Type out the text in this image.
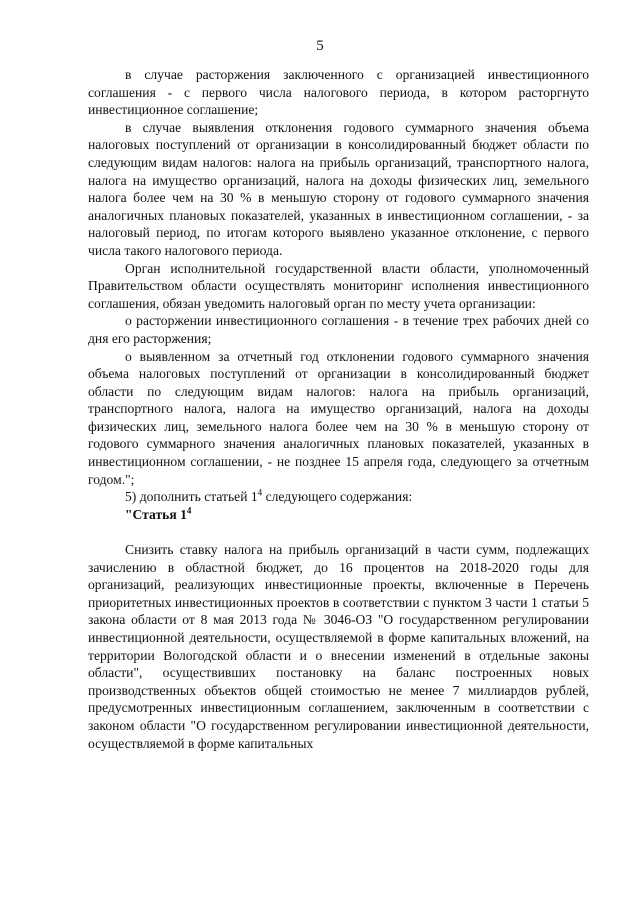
5

в случае расторжения заключенного с организацией инвестиционного соглашения - с первого числа налогового периода, в котором расторгнуто инвестиционное соглашение;

в случае выявления отклонения годового суммарного значения объема налоговых поступлений от организации в консолидированный бюджет области по следующим видам налогов: налога на прибыль организаций, транспортного налога, налога на имущество организаций, налога на доходы физических лиц, земельного налога более чем на 30 % в меньшую сторону от годового суммарного значения аналогичных плановых показателей, указанных в инвестиционном соглашении, - за налоговый период, по итогам которого выявлено указанное отклонение, с первого числа такого налогового периода.

Орган исполнительной государственной власти области, уполномоченный Правительством области осуществлять мониторинг исполнения инвестиционного соглашения, обязан уведомить налоговый орган по месту учета организации:

о расторжении инвестиционного соглашения - в течение трех рабочих дней со дня его расторжения;

о выявленном за отчетный год отклонении годового суммарного значения объема налоговых поступлений от организации в консолидированный бюджет области по следующим видам налогов: налога на прибыль организаций, транспортного налога, налога на имущество организаций, налога на доходы физических лиц, земельного налога более чем на 30 % в меньшую сторону от годового суммарного значения аналогичных плановых показателей, указанных в инвестиционном соглашении, - не позднее 15 апреля года, следующего за отчетным годом.";

5) дополнить статьей $1^4$ следующего содержания:

"Статья $1^4$

Снизить ставку налога на прибыль организаций в части сумм, подлежащих зачислению в областной бюджет, до 16 процентов на 2018-2020 годы для организаций, реализующих инвестиционные проекты, включенные в Перечень приоритетных инвестиционных проектов в соответствии с пунктом 3 части 1 статьи 5 закона области от 8 мая 2013 года № 3046-ОЗ "О государственном регулировании инвестиционной деятельности, осуществляемой в форме капитальных вложений, на территории Вологодской области и о внесении изменений в отдельные законы области", осуществивших постановку на баланс построенных новых производственных объектов общей стоимостью не менее 7 миллиардов рублей, предусмотренных инвестиционным соглашением, заключенным в соответствии с законом области "О государственном регулировании инвестиционной деятельности, осуществляемой в форме капитальных
